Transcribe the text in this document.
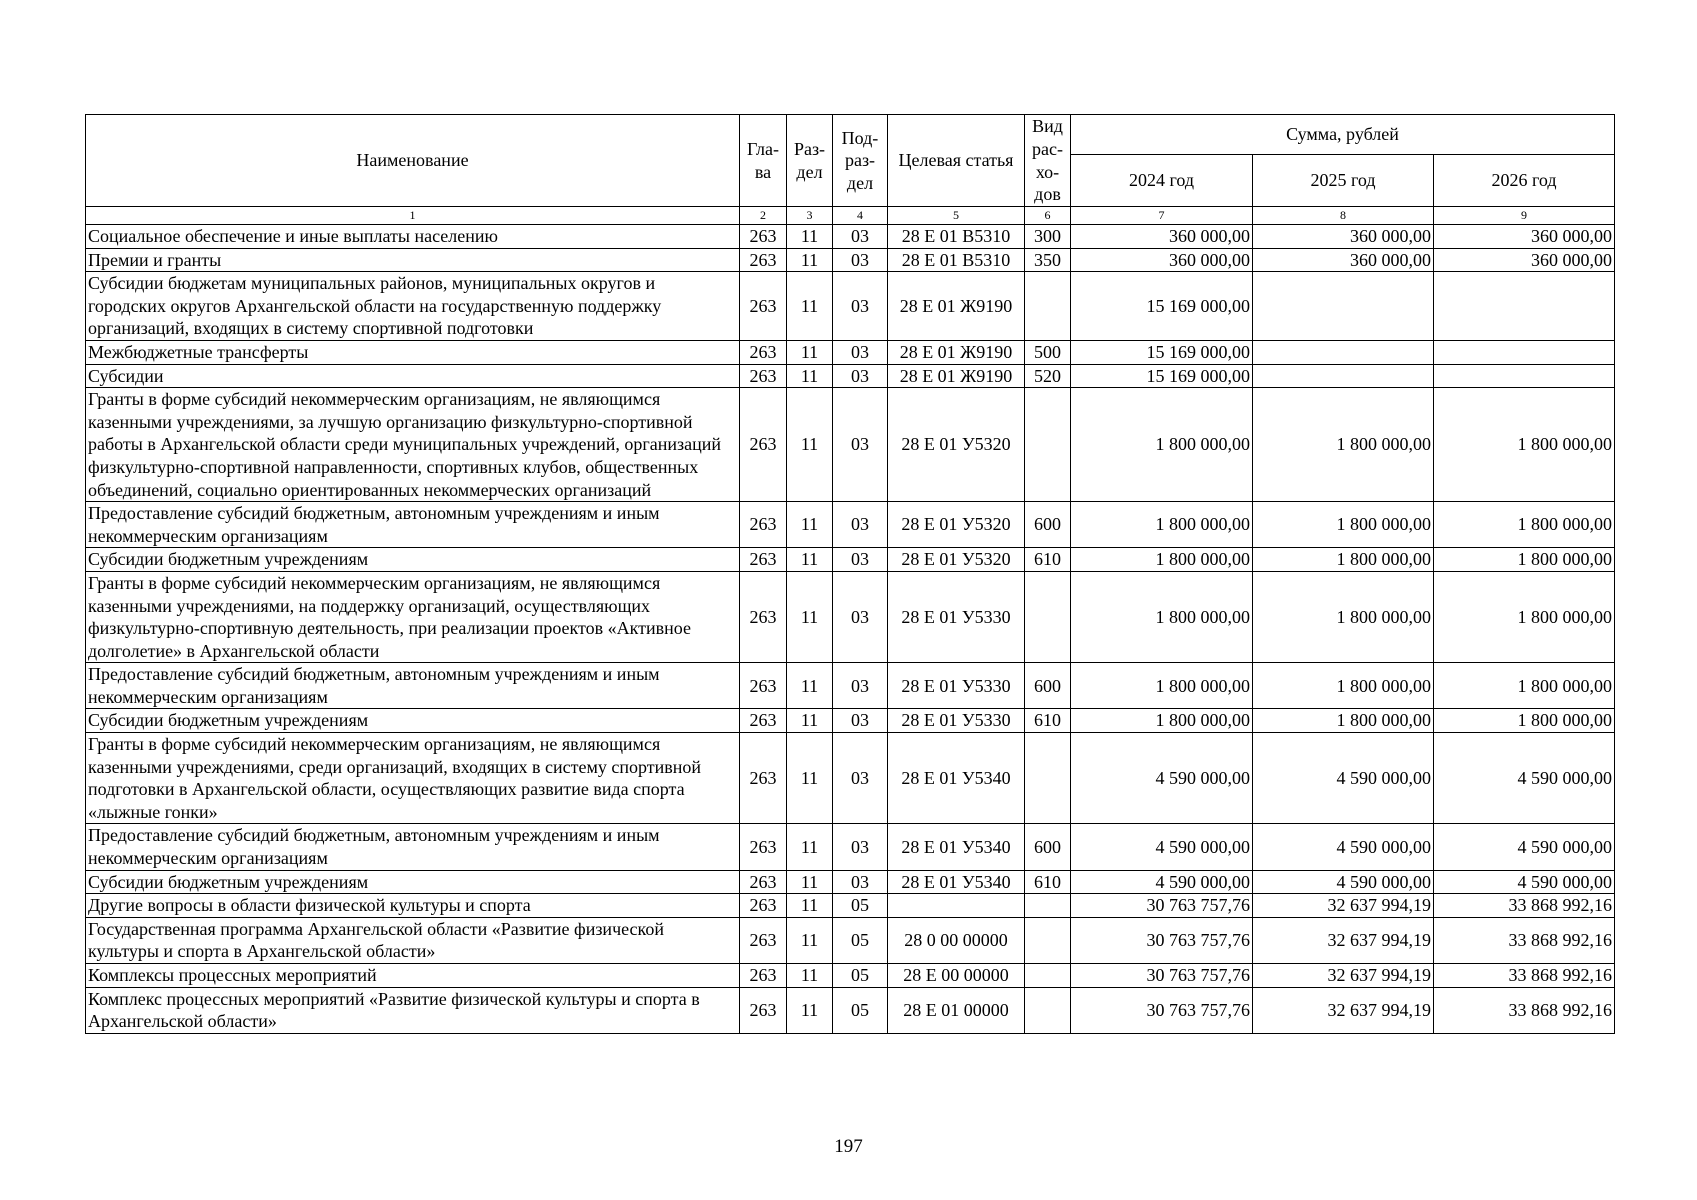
Наименование	Гла-ва	Раз-дел	Под-раз-дел	Целевая статья	Вид рас-хо-дов	Сумма, рублей		
						2024 год	2025 год	2026 год
1	2	3	4	5	6	7	8	9
Социальное обеспечение и иные выплаты населению	263	11	03	28 Е 01 В5310	300	360 000,00	360 000,00	360 000,00
Премии и гранты	263	11	03	28 Е 01 В5310	350	360 000,00	360 000,00	360 000,00
Субсидии бюджетам муниципальных районов, муниципальных округов и городских округов Архангельской области на государственную поддержку организаций, входящих в систему спортивной подготовки	263	11	03	28 Е 01 Ж9190		15 169 000,00		
Межбюджетные трансферты	263	11	03	28 Е 01 Ж9190	500	15 169 000,00		
Субсидии	263	11	03	28 Е 01 Ж9190	520	15 169 000,00		
Гранты в форме субсидий некоммерческим организациям, не являющимся казенными учреждениями, за лучшую организацию физкультурно-спортивной работы в Архангельской области среди муниципальных учреждений, организаций физкультурно-спортивной направленности, спортивных клубов, общественных объединений, социально ориентированных некоммерческих организаций	263	11	03	28 Е 01 У5320		1 800 000,00	1 800 000,00	1 800 000,00
Предоставление субсидий бюджетным, автономным учреждениям и иным некоммерческим организациям	263	11	03	28 Е 01 У5320	600	1 800 000,00	1 800 000,00	1 800 000,00
Субсидии бюджетным учреждениям	263	11	03	28 Е 01 У5320	610	1 800 000,00	1 800 000,00	1 800 000,00
Гранты в форме субсидий некоммерческим организациям, не являющимся казенными учреждениями, на поддержку организаций, осуществляющих физкультурно-спортивную деятельность, при реализации проектов «Активное долголетие» в Архангельской области	263	11	03	28 Е 01 У5330		1 800 000,00	1 800 000,00	1 800 000,00
Предоставление субсидий бюджетным, автономным учреждениям и иным некоммерческим организациям	263	11	03	28 Е 01 У5330	600	1 800 000,00	1 800 000,00	1 800 000,00
Субсидии бюджетным учреждениям	263	11	03	28 Е 01 У5330	610	1 800 000,00	1 800 000,00	1 800 000,00
Гранты в форме субсидий некоммерческим организациям, не являющимся казенными учреждениями, среди организаций, входящих в систему спортивной подготовки в Архангельской области, осуществляющих развитие вида спорта «лыжные гонки»	263	11	03	28 Е 01 У5340		4 590 000,00	4 590 000,00	4 590 000,00
Предоставление субсидий бюджетным, автономным учреждениям и иным некоммерческим организациям	263	11	03	28 Е 01 У5340	600	4 590 000,00	4 590 000,00	4 590 000,00
Субсидии бюджетным учреждениям	263	11	03	28 Е 01 У5340	610	4 590 000,00	4 590 000,00	4 590 000,00
Другие вопросы в области физической культуры и спорта	263	11	05			30 763 757,76	32 637 994,19	33 868 992,16
Государственная программа Архангельской области «Развитие физической культуры и спорта в Архангельской области»	263	11	05	28 0 00 00000		30 763 757,76	32 637 994,19	33 868 992,16
Комплексы процессных мероприятий	263	11	05	28 Е 00 00000		30 763 757,76	32 637 994,19	33 868 992,16
Комплекс процессных мероприятий «Развитие физической культуры и спорта в Архангельской области»	263	11	05	28 Е 01 00000		30 763 757,76	32 637 994,19	33 868 992,16
197
